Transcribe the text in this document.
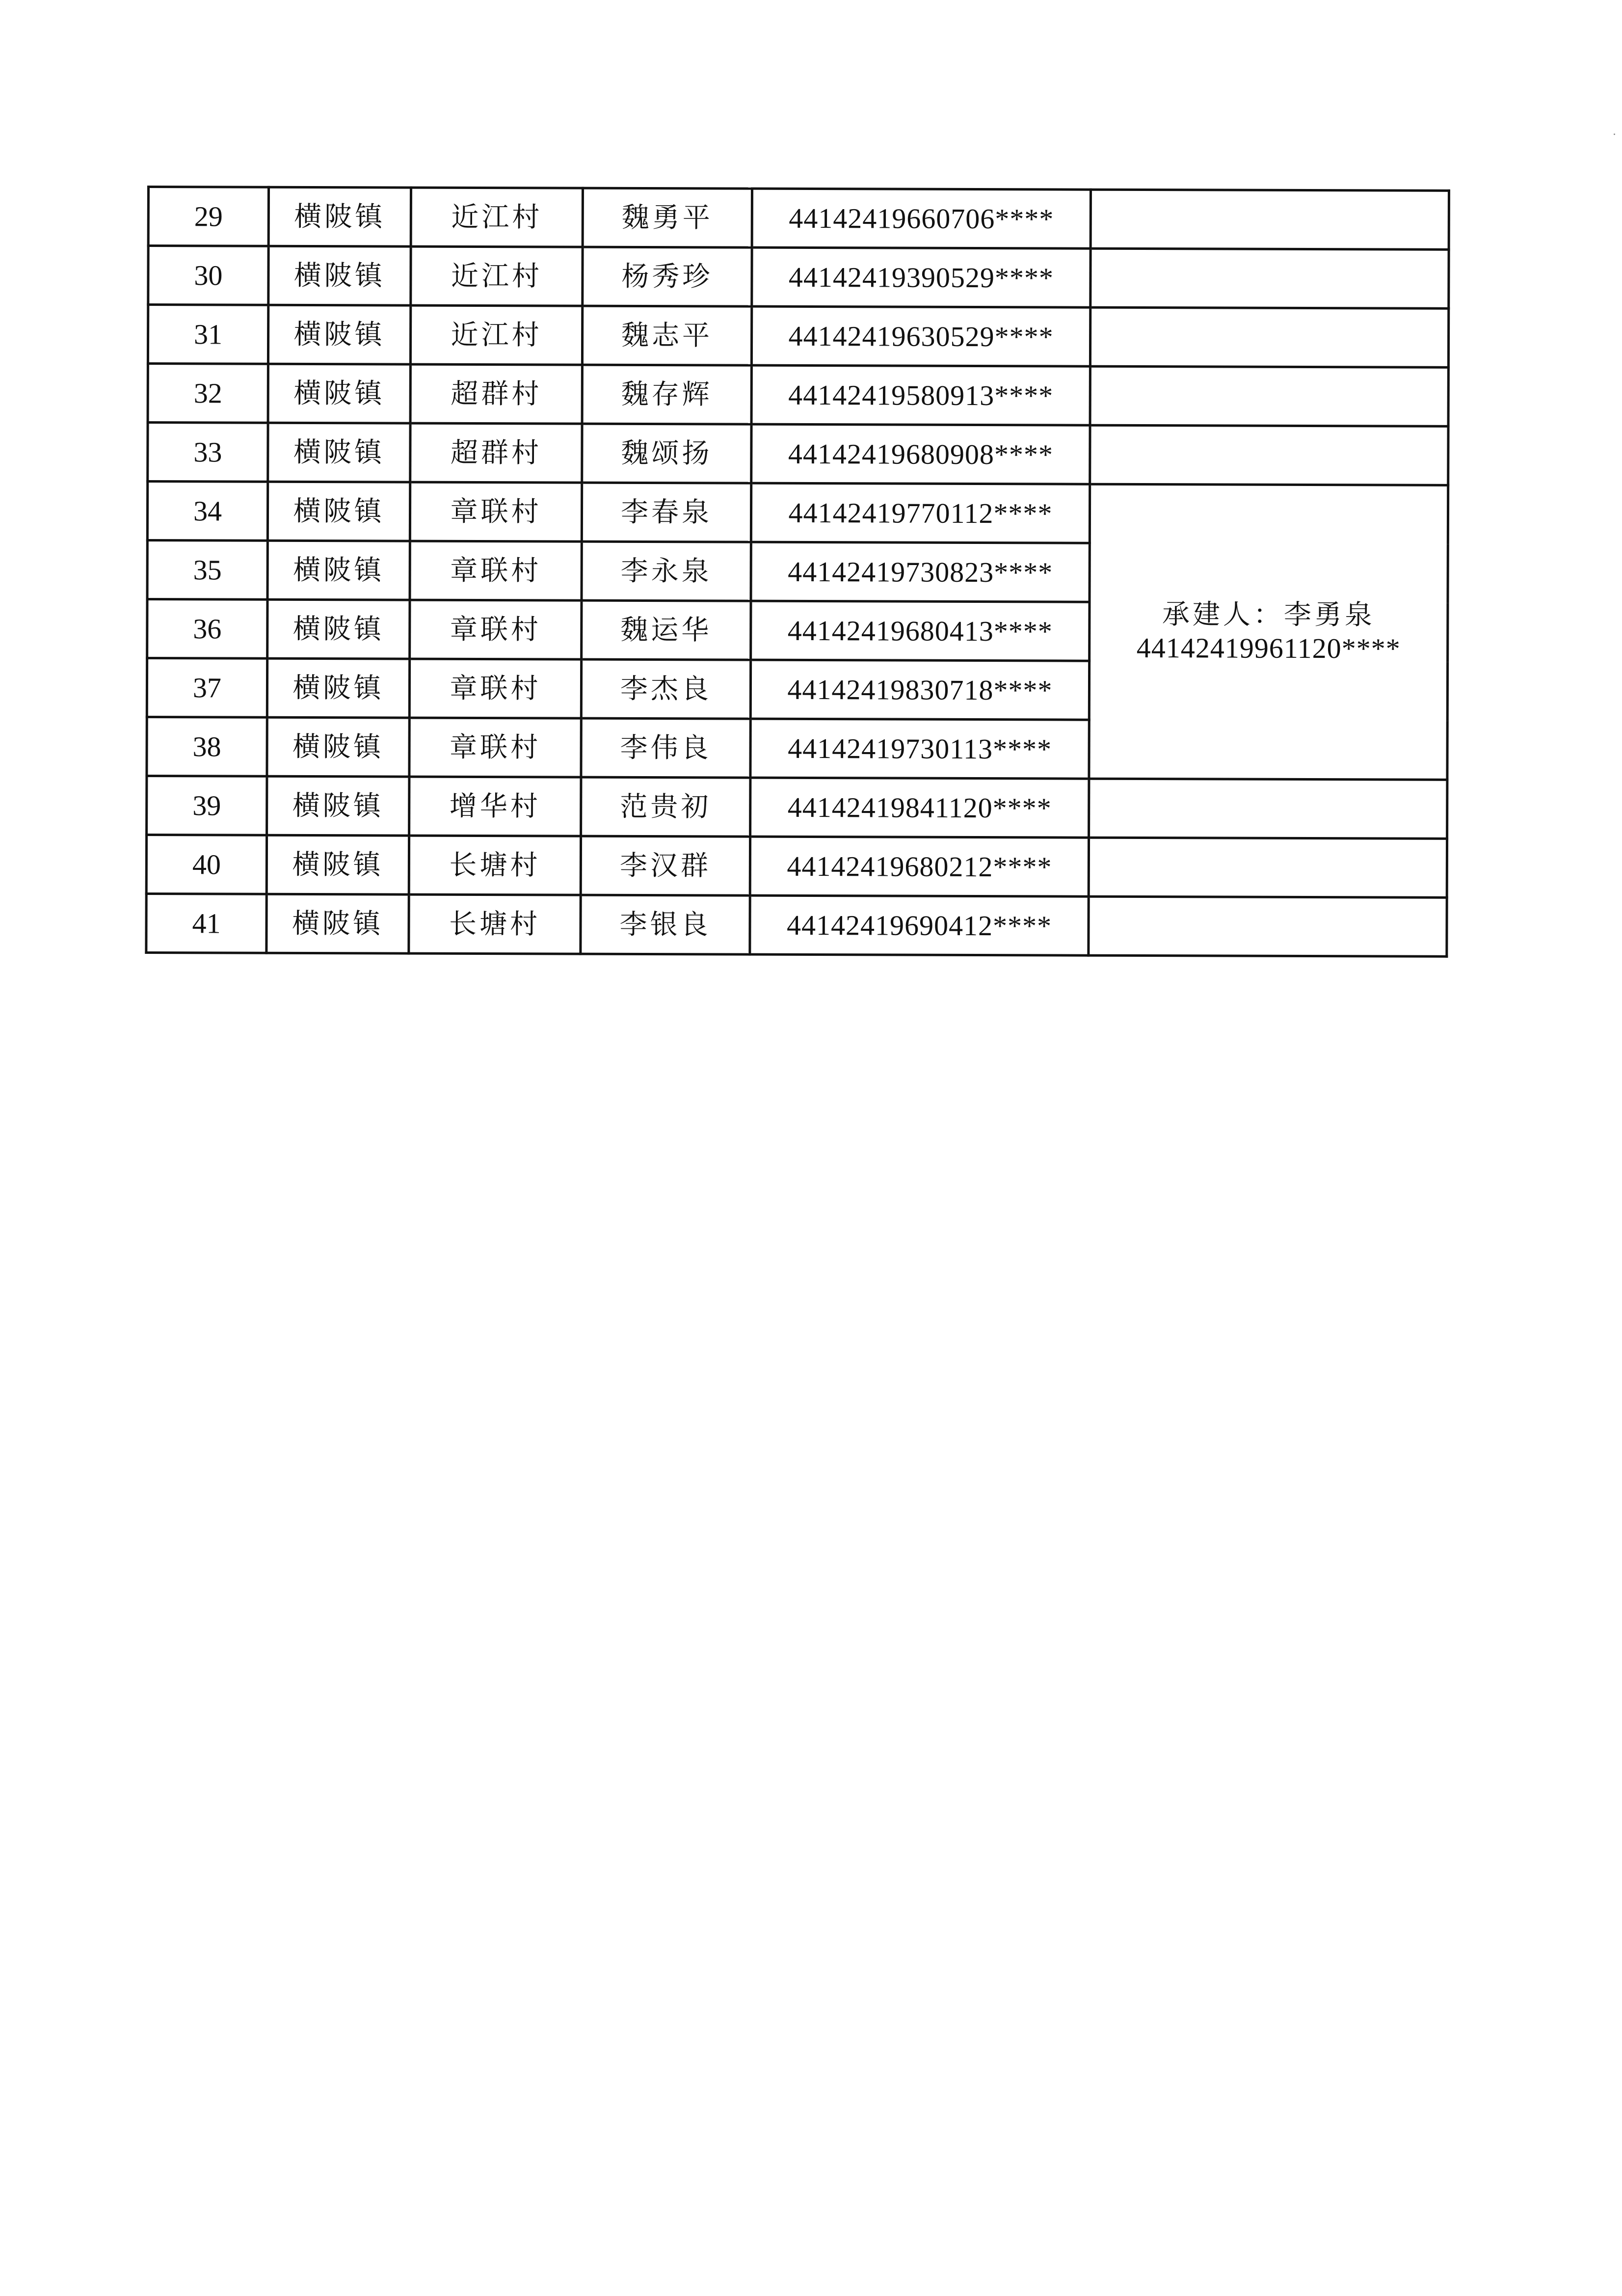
29	横陂镇	近江村	魏勇平	44142419660706****	
30	横陂镇	近江村	杨秀珍	44142419390529****	
31	横陂镇	近江村	魏志平	44142419630529****	
32	横陂镇	超群村	魏存辉	44142419580913****	
33	横陂镇	超群村	魏颂扬	44142419680908****	
34	横陂镇	章联村	李春泉	44142419770112****	承建人：李勇泉
44142419961120****

35	横陂镇	章联村	李永泉	44142419730823****	
36	横陂镇	章联村	魏运华	44142419680413****	
37	横陂镇	章联村	李杰良	44142419830718****	
38	横陂镇	章联村	李伟良	44142419730113****	
39	横陂镇	增华村	范贵初	44142419841120****	
40	横陂镇	长塘村	李汉群	44142419680212****	
41	横陂镇	长塘村	李银良	44142419690412****	
